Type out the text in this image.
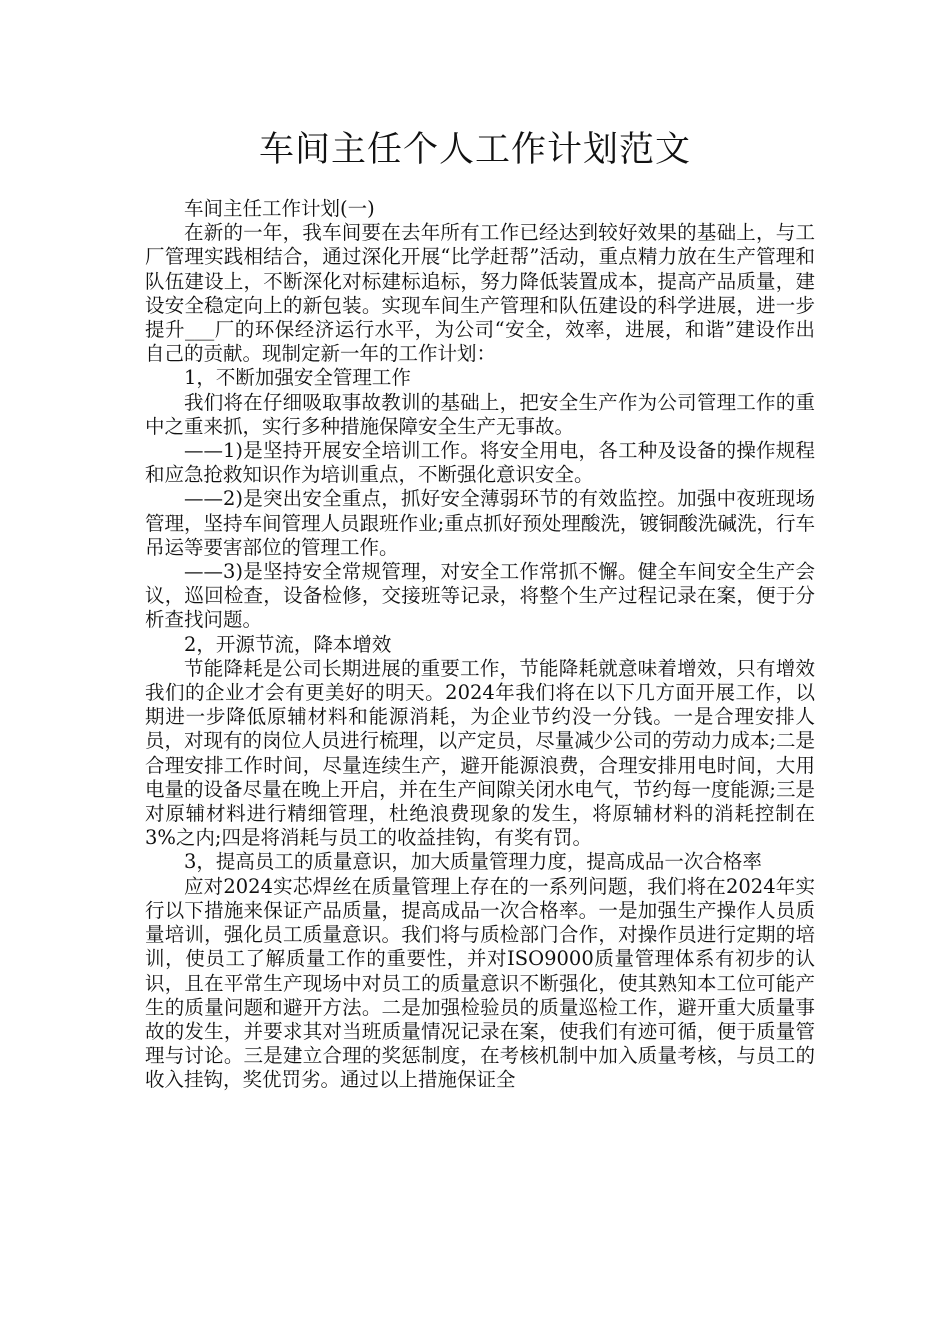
车间主任个人工作计划范文

车间主任工作计划(一)

在新的一年，我车间要在去年所有工作已经达到较好效果的基础上，与工厂管理实践相结合，通过深化开展“比学赶帮”活动，重点精力放在生产管理和队伍建设上，不断深化对标建标追标，努力降低装置成本，提高产品质量，建设安全稳定向上的新包装。实现车间生产管理和队伍建设的科学进展，进一步提升___厂的环保经济运行水平，为公司“安全，效率，进展，和谐”建设作出自己的贡献。现制定新一年的工作计划：

1，不断加强安全管理工作

我们将在仔细吸取事故教训的基础上，把安全生产作为公司管理工作的重中之重来抓，实行多种措施保障安全生产无事故。

——1)是坚持开展安全培训工作。将安全用电，各工种及设备的操作规程和应急抢救知识作为培训重点，不断强化意识安全。

——2)是突出安全重点，抓好安全薄弱环节的有效监控。加强中夜班现场管理，坚持车间管理人员跟班作业;重点抓好预处理酸洗，镀铜酸洗碱洗，行车吊运等要害部位的管理工作。

——3)是坚持安全常规管理，对安全工作常抓不懈。健全车间安全生产会议，巡回检查，设备检修，交接班等记录，将整个生产过程记录在案，便于分析查找问题。

2，开源节流，降本增效

节能降耗是公司长期进展的重要工作，节能降耗就意味着增效，只有增效我们的企业才会有更美好的明天。2024年我们将在以下几方面开展工作，以期进一步降低原辅材料和能源消耗，为企业节约没一分钱。一是合理安排人员，对现有的岗位人员进行梳理，以产定员，尽量减少公司的劳动力成本;二是合理安排工作时间，尽量连续生产，避开能源浪费，合理安排用电时间，大用电量的设备尽量在晚上开启，并在生产间隙关闭水电气，节约每一度能源;三是对原辅材料进行精细管理，杜绝浪费现象的发生，将原辅材料的消耗控制在3%之内;四是将消耗与员工的收益挂钩，有奖有罚。

3，提高员工的质量意识，加大质量管理力度，提高成品一次合格率

应对2024实芯焊丝在质量管理上存在的一系列问题，我们将在2024年实行以下措施来保证产品质量，提高成品一次合格率。一是加强生产操作人员质量培训，强化员工质量意识。我们将与质检部门合作，对操作员进行定期的培训，使员工了解质量工作的重要性，并对ISO9000质量管理体系有初步的认识，且在平常生产现场中对员工的质量意识不断强化，使其熟知本工位可能产生的质量问题和避开方法。二是加强检验员的质量巡检工作，避开重大质量事故的发生，并要求其对当班质量情况记录在案，使我们有迹可循，便于质量管理与讨论。三是建立合理的奖惩制度，在考核机制中加入质量考核，与员工的收入挂钩，奖优罚劣。通过以上措施保证全
